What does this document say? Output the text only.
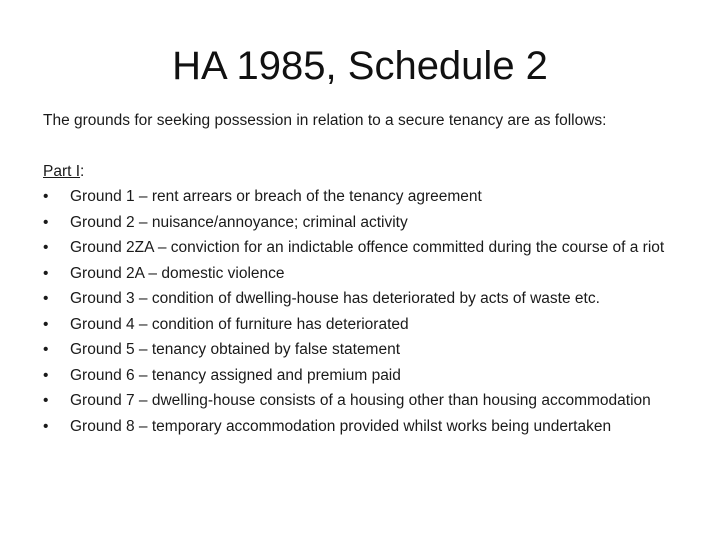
HA 1985, Schedule 2
The grounds for seeking possession in relation to a secure tenancy are as follows:
Part I:
• Ground 1 – rent arrears or breach of the tenancy agreement
• Ground 2 – nuisance/annoyance; criminal activity
• Ground 2ZA – conviction for an indictable offence committed during the course of a riot
• Ground 2A – domestic violence
• Ground 3 – condition of dwelling-house has deteriorated by acts of waste etc.
• Ground 4 – condition of furniture has deteriorated
• Ground 5 – tenancy obtained by false statement
• Ground 6 – tenancy assigned and premium paid
• Ground 7 – dwelling-house consists of a housing other than housing accommodation
• Ground 8 – temporary accommodation provided whilst works being undertaken
